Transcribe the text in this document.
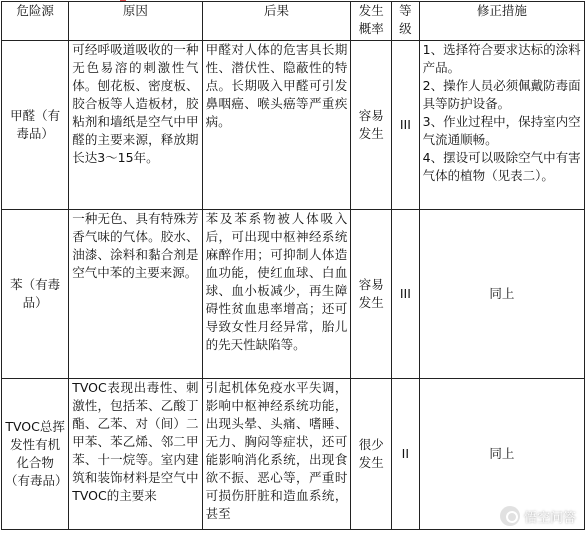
危险源	原因	后果	发生概率	等级	修正措施

甲醛（有毒品）	可经呼吸道吸收的一种无色易溶的刺激性气体。刨花板、密度板、胶合板等人造板材，胶粘剂和墙纸是空气中甲醛的主要来源，释放期长达3～15年。	甲醛对人体的危害具长期性、潜伏性、隐蔽性的特点。长期吸入甲醛可引发鼻咽癌、喉头癌等严重疾病。	容易发生	III	1、选择符合要求达标的涂料产品。
2、操作人员必须佩戴防毒面具等防护设备。
3、作业过程中，保持室内空气流通顺畅。
4、摆设可以吸除空气中有害气体的植物（见表二）。

苯（有毒品）	一种无色、具有特殊芳香气味的气体。胶水、油漆、涂料和黏合剂是空气中苯的主要来源。	苯及苯系物被人体吸入后，可出现中枢神经系统麻醉作用；可抑制人体造血功能，使红血球、白血球、血小板减少，再生障碍性贫血患率增高；还可导致女性月经异常，胎儿的先天性缺陷等。	容易发生	III	同上

TVOC总挥发性有机化合物（有毒品）	TVOC表现出毒性、刺激性，包括苯、乙酸丁酯、乙苯、对（间）二甲苯、苯乙烯、邻二甲苯、十一烷等。室内建筑和装饰材料是空气中TVOC的主要来	引起机体免疫水平失调，影响中枢神经系统功能，出现头晕、头痛、嗜睡、无力、胸闷等症状，还可能影响消化系统，出现食欲不振、恶心等，严重时可损伤肝脏和造血系统，甚至	很少发生	II	同上
悟空问答
